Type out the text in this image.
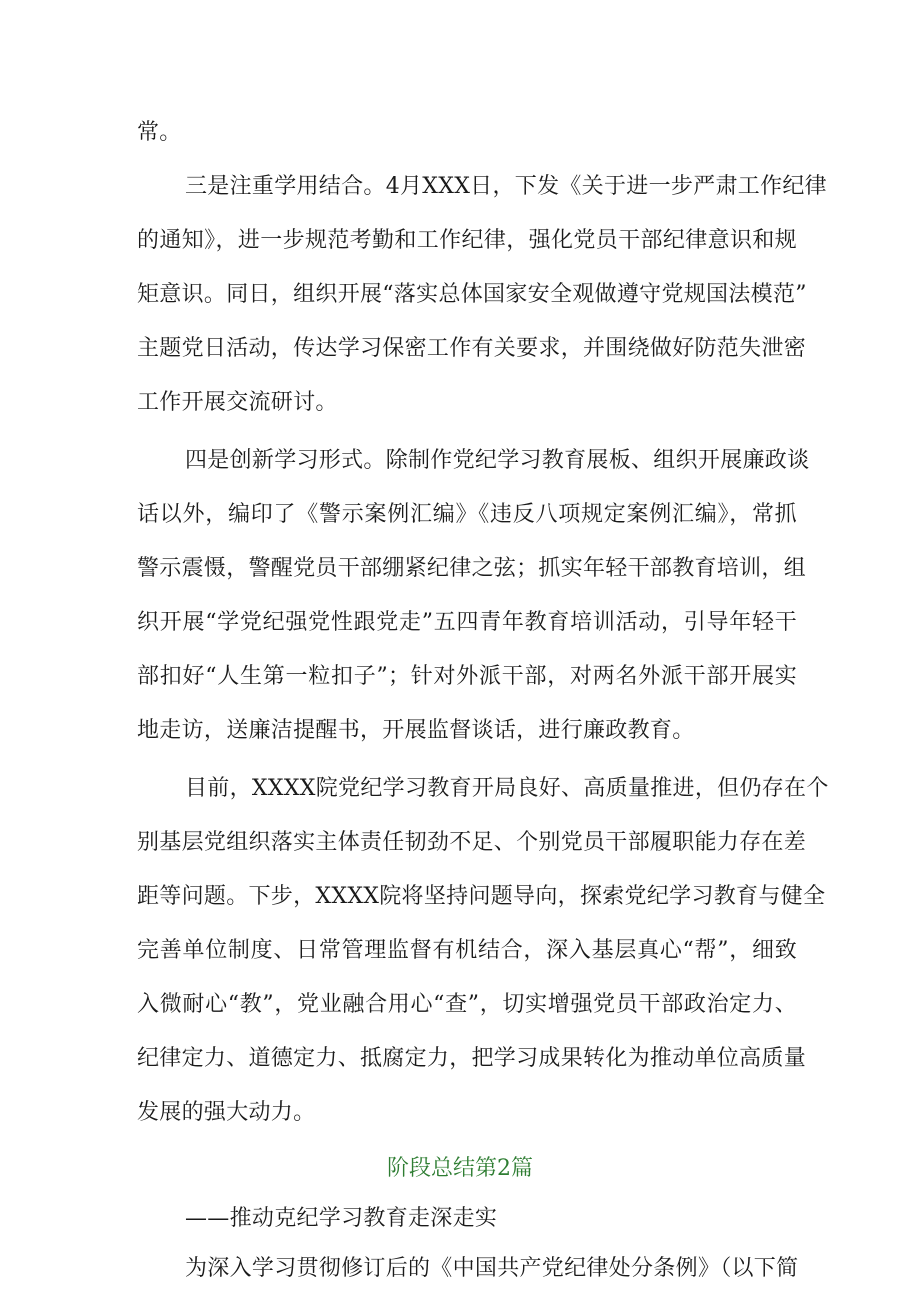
常。
三是注重学用结合。4月XXX日，下发《关于进一步严肃工作纪律
的通知》，进一步规范考勤和工作纪律，强化党员干部纪律意识和规
矩意识。同日，组织开展“落实总体国家安全观做遵守党规国法模范”
主题党日活动，传达学习保密工作有关要求，并围绕做好防范失泄密
工作开展交流研讨。
四是创新学习形式。除制作党纪学习教育展板、组织开展廉政谈
话以外，编印了《警示案例汇编》《违反八项规定案例汇编》，常抓
警示震慑，警醒党员干部绷紧纪律之弦；抓实年轻干部教育培训，组
织开展“学党纪强党性跟党走”五四青年教育培训活动，引导年轻干
部扣好“人生第一粒扣子”；针对外派干部，对两名外派干部开展实
地走访，送廉洁提醒书，开展监督谈话，进行廉政教育。
目前，XXXX院党纪学习教育开局良好、高质量推进，但仍存在个
别基层党组织落实主体责任韧劲不足、个别党员干部履职能力存在差
距等问题。下步，XXXX院将坚持问题导向，探索党纪学习教育与健全
完善单位制度、日常管理监督有机结合，深入基层真心“帮”，细致
入微耐心“教”，党业融合用心“查”，切实增强党员干部政治定力、
纪律定力、道德定力、抵腐定力，把学习成果转化为推动单位高质量
发展的强大动力。
阶段总结第2篇
——推动克纪学习教育走深走实
为深入学习贯彻修订后的《中国共产党纪律处分条例》（以下简
